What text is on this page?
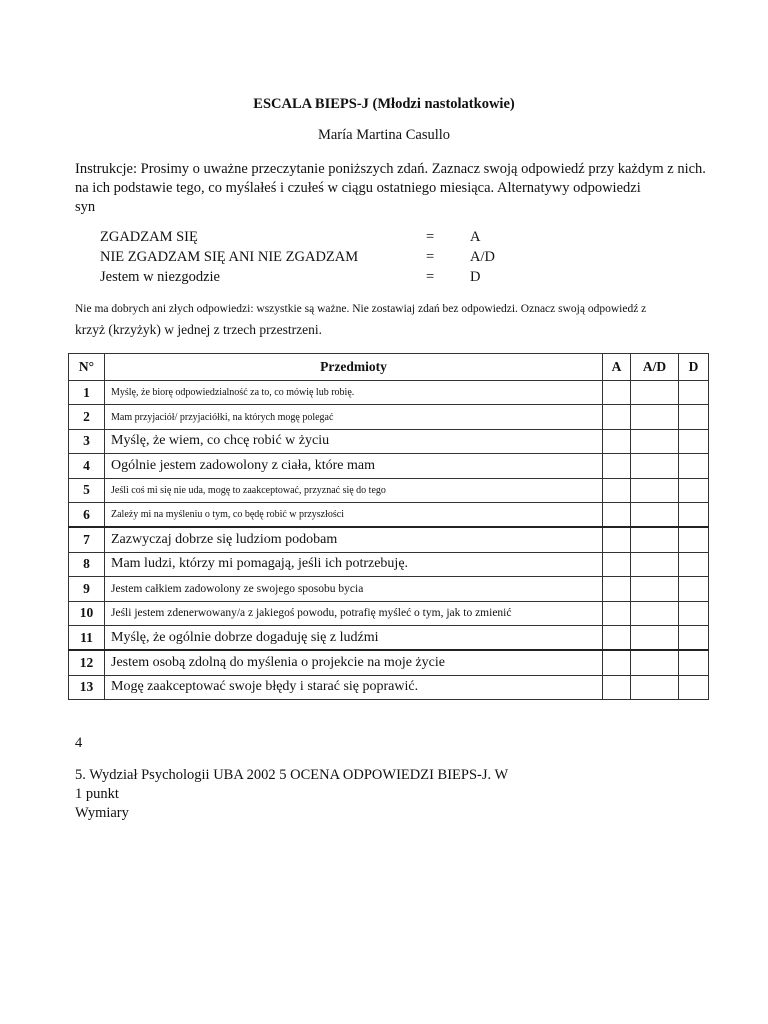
ESCALA BIEPS-J (Młodzi nastolatkowie)
María Martina Casullo
Instrukcje: Prosimy o uważne przeczytanie poniższych zdań. Zaznacz swoją odpowiedź przy każdym z nich.
na ich podstawie tego, co myślałeś i czułeś w ciągu ostatniego miesiąca. Alternatywy odpowiedzi
syn
ZGADZAM SIĘ	= A
NIE ZGADZAM SIĘ ANI NIE ZGADZAM	= A/D
Jestem w niezgodzie	= D
Nie ma dobrych ani złych odpowiedzi: wszystkie są ważne. Nie zostawiaj zdań bez odpowiedzi. Oznacz swoją odpowiedź z
krzyż (krzyżyk) w jednej z trzech przestrzeni.
N°	Przedmioty	A	A/D	D
1	Myślę, że biorę odpowiedzialność za to, co mówię lub robię.			
2	Mam przyjaciół/ przyjaciółki, na których mogę polegać			
3	Myślę, że wiem, co chcę robić w życiu			
4	Ogólnie jestem zadowolony z ciała, które mam			
5	Jeśli coś mi się nie uda, mogę to zaakceptować, przyznać się do tego			
6	Zależy mi na myśleniu o tym, co będę robić w przyszłości			
7	Zazwyczaj dobrze się ludziom podobam			
8	Mam ludzi, którzy mi pomagają, jeśli ich potrzebuję.			
9	Jestem całkiem zadowolony ze swojego sposobu bycia			
10	Jeśli jestem zdenerwowany/a z jakiegoś powodu, potrafię myśleć o tym, jak to zmienić			
11	Myślę, że ogólnie dobrze dogaduję się z ludźmi			
12	Jestem osobą zdolną do myślenia o projekcie na moje życie			
13	Mogę zaakceptować swoje błędy i starać się poprawić.			
4
5. Wydział Psychologii UBA 2002 5 OCENA ODPOWIEDZI BIEPS-J. W
1 punkt
Wymiary
